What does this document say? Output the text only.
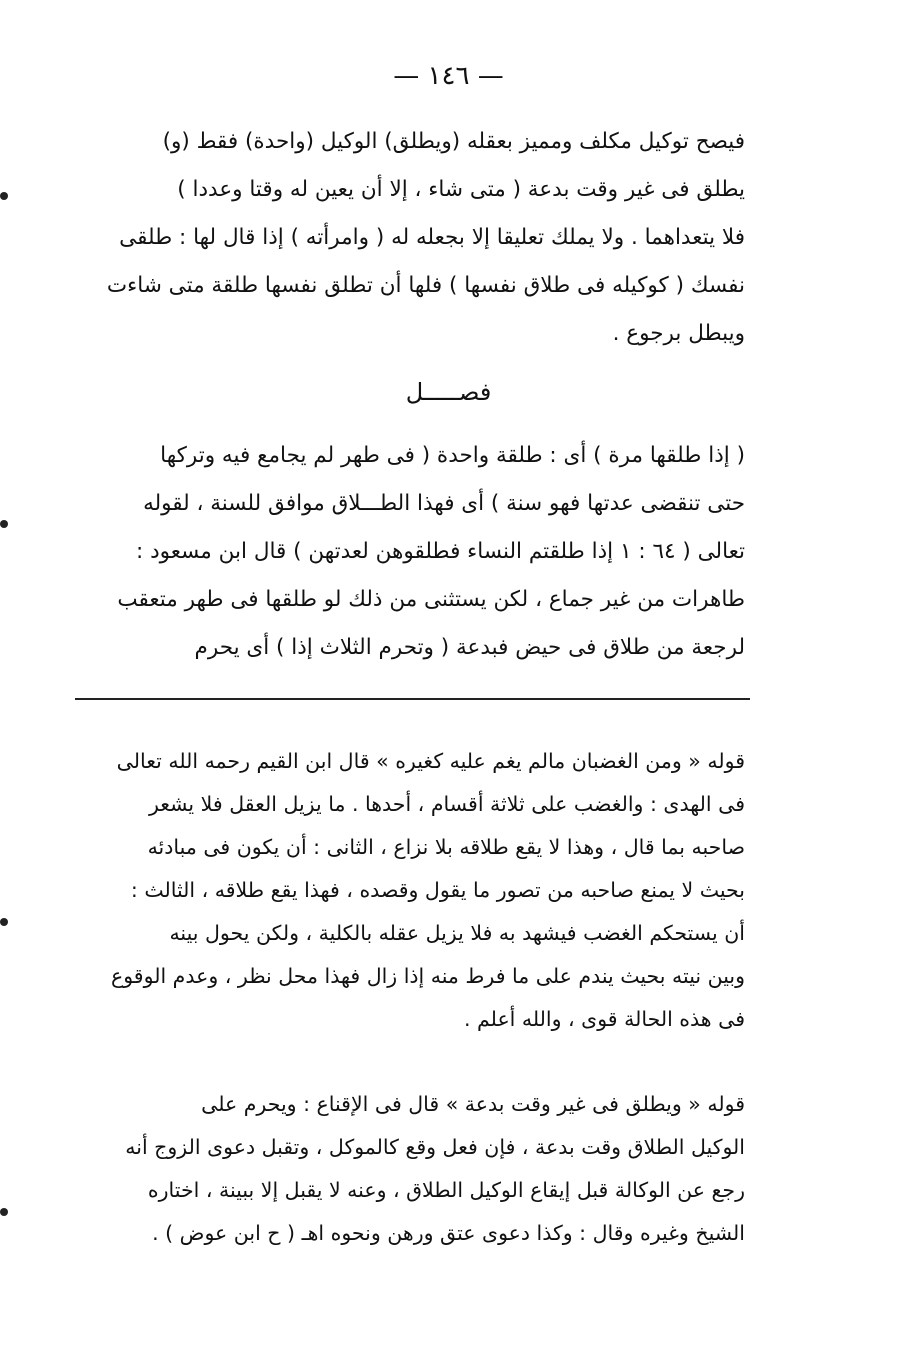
— ١٤٦ —
فيصح توكيل مكلف ومميز بعقله (ويطلق) الوكيل (واحدة) فقط (و)
يطلق فى غير وقت بدعة ( متى شاء ، إلا أن يعين له وقتا وعددا )
فلا يتعداهما . ولا يملك تعليقا إلا بجعله له ( وامرأته ) إذا قال لها : طلقى
نفسك ( كوكيله فى طلاق نفسها ) فلها أن تطلق نفسها طلقة متى شاءت
ويبطل برجوع .
فصـــــل
( إذا طلقها مرة ) أى : طلقة واحدة ( فى طهر لم يجامع فيه وتركها
حتى تنقضى عدتها فهو سنة ) أى فهذا الطـــلاق موافق للسنة ، لقوله
تعالى ( ٦٤ : ١ إذا طلقتم النساء فطلقوهن لعدتهن ) قال ابن مسعود :
طاهرات من غير جماع ، لكن يستثنى من ذلك لو طلقها فى طهر متعقب
لرجعة من طلاق فى حيض فبدعة ( وتحرم الثلاث إذا ) أى يحرم
قوله « ومن الغضبان مالم يغم عليه كغيره » قال ابن القيم رحمه الله تعالى
فى الهدى : والغضب على ثلاثة أقسام ، أحدها . ما يزيل العقل فلا يشعر
صاحبه بما قال ، وهذا لا يقع طلاقه بلا نزاع ، الثانى : أن يكون فى مبادئه
بحيث لا يمنع صاحبه من تصور ما يقول وقصده ، فهذا يقع طلاقه ، الثالث :
أن يستحكم الغضب فيشهد به فلا يزيل عقله بالكلية ، ولكن يحول بينه
وبين نيته بحيث يندم على ما فرط منه إذا زال فهذا محل نظر ، وعدم الوقوع
فى هذه الحالة قوى ، والله أعلم .
قوله « ويطلق فى غير وقت بدعة » قال فى الإقناع : ويحرم على
الوكيل الطلاق وقت بدعة ، فإن فعل وقع كالموكل ، وتقبل دعوى الزوج أنه
رجع عن الوكالة قبل إيقاع الوكيل الطلاق ، وعنه لا يقبل إلا ببينة ، اختاره
الشيخ وغيره وقال : وكذا دعوى عتق ورهن ونحوه اهـ ( ح ابن عوض ) .
